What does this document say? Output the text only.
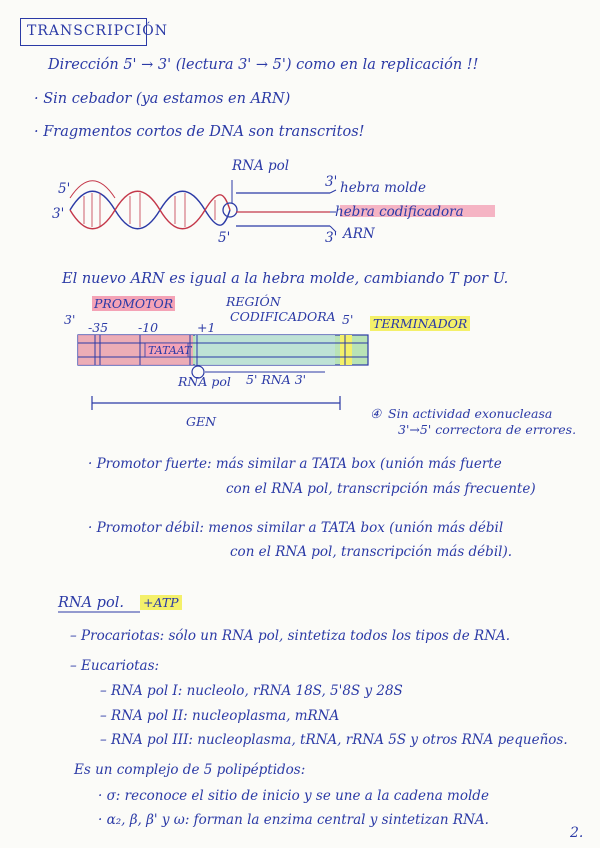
TRANSCRIPCIÓN
Dirección 5' → 3' (lectura 3' → 5') como en la replicación !!
· Sin cebador (ya estamos en ARN)
· Fragmentos cortos de DNA son transcritos!
RNA pol
5'
3'
3' hebra molde
hebra codificadora
5'	3' ARN
El nuevo ARN es igual a la hebra molde, cambiando T por U.
PROMOTOR	REGIÓN
CODIFICADORA	TERMINADOR
3'	5'
-35 -10	+1
TATAAT
RNA pol 5' RNA 3'
GEN
④ Sin actividad exonucleasa
3'→5' correctora de errores.
· Promotor fuerte: más similar a TATA box (unión más fuerte
con el RNA pol, transcripción más frecuente)
· Promotor débil: menos similar a TATA box (unión más débil
con el RNA pol, transcripción más débil).
RNA pol. +ATP
– Procariotas: sólo un RNA pol, sintetiza todos los tipos de RNA.
– Eucariotas:
– RNA pol I: nucleolo, rRNA 18S, 5'8S y 28S
– RNA pol II: nucleoplasma, mRNA
– RNA pol III: nucleoplasma, tRNA, rRNA 5S y otros RNA pequeños.
Es un complejo de 5 polipéptidos:
· σ: reconoce el sitio de inicio y se une a la cadena molde
· α₂, β, β' y ω: forman la enzima central y sintetizan RNA.
2.
